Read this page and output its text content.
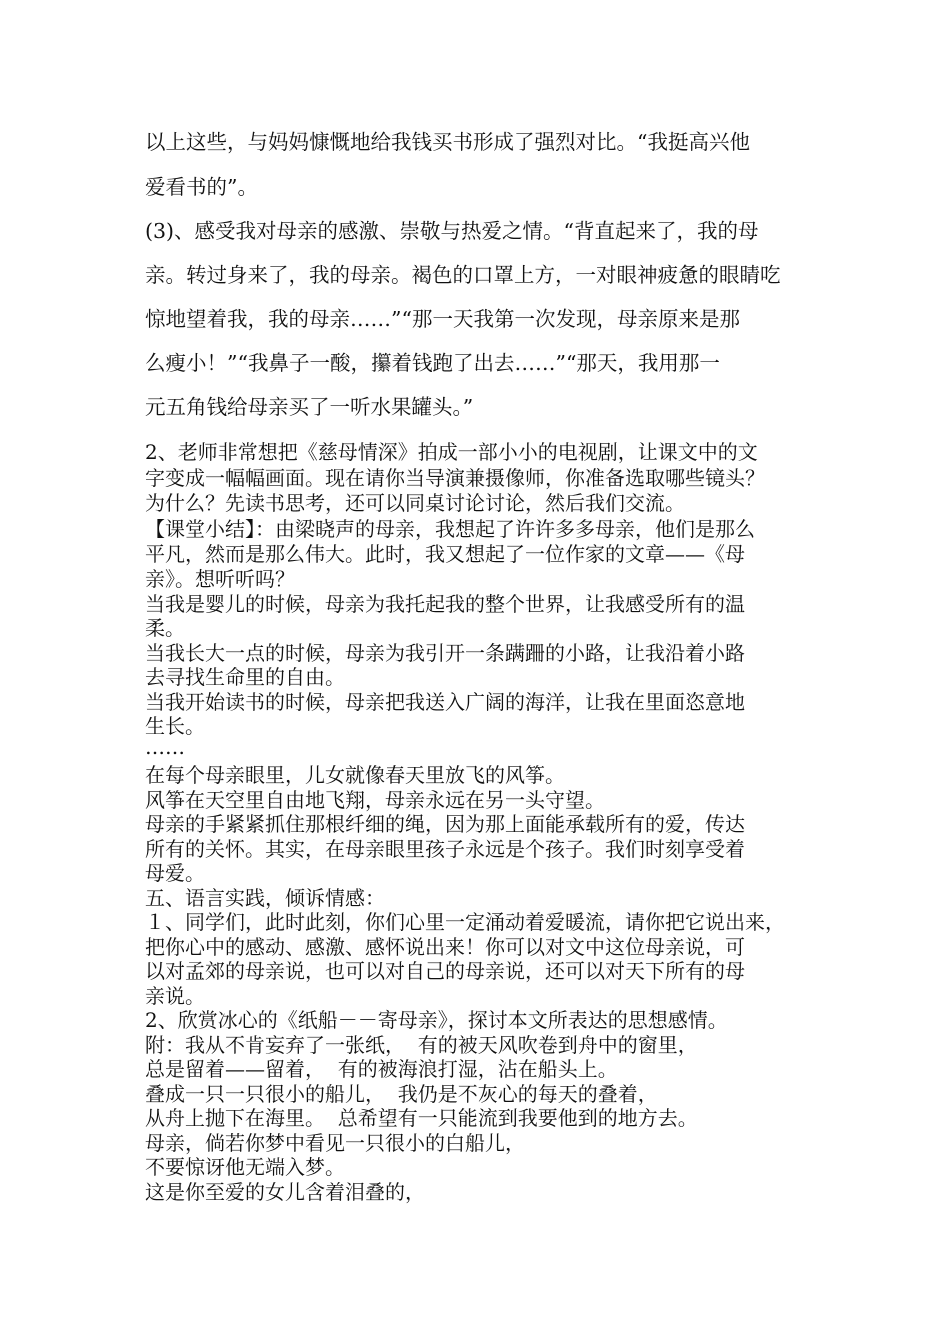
以上这些，与妈妈慷慨地给我钱买书形成了强烈对比。“我挺高兴他
爱看书的”。
(3)、感受我对母亲的感激、崇敬与热爱之情。“背直起来了，我的母
亲。转过身来了，我的母亲。褐色的口罩上方，一对眼神疲惫的眼睛吃
惊地望着我，我的母亲……”“那一天我第一次发现，母亲原来是那
么瘦小！”“我鼻子一酸，攥着钱跑了出去……”“那天，我用那一
元五角钱给母亲买了一听水果罐头。”
2、老师非常想把《慈母情深》拍成一部小小的电视剧，让课文中的文
字变成一幅幅画面。现在请你当导演兼摄像师，你准备选取哪些镜头？
为什么？先读书思考，还可以同桌讨论讨论，然后我们交流。
【课堂小结】：由梁晓声的母亲，我想起了许许多多母亲，他们是那么
平凡，然而是那么伟大。此时，我又想起了一位作家的文章——《母
亲》。想听听吗？
当我是婴儿的时候，母亲为我托起我的整个世界，让我感受所有的温
柔。
当我长大一点的时候，母亲为我引开一条蹒跚的小路，让我沿着小路
去寻找生命里的自由。
当我开始读书的时候，母亲把我送入广阔的海洋，让我在里面恣意地
生长。
……
在每个母亲眼里，儿女就像春天里放飞的风筝。
风筝在天空里自由地飞翔，母亲永远在另一头守望。
母亲的手紧紧抓住那根纤细的绳，因为那上面能承载所有的爱，传达
所有的关怀。其实，在母亲眼里孩子永远是个孩子。我们时刻享受着
母爱。
五、语言实践，倾诉情感：
１、同学们，此时此刻，你们心里一定涌动着爱暖流，请你把它说出来，
把你心中的感动、感激、感怀说出来！你可以对文中这位母亲说，可
以对孟郊的母亲说，也可以对自己的母亲说，还可以对天下所有的母
亲说。
2、欣赏冰心的《纸船－－寄母亲》，探讨本文所表达的思想感情。
附：我从不肯妄弃了一张纸，  有的被天风吹卷到舟中的窗里，
总是留着——留着，  有的被海浪打湿，沾在船头上。
叠成一只一只很小的船儿，  我仍是不灰心的每天的叠着，
从舟上抛下在海里。  总希望有一只能流到我要他到的地方去。
母亲，倘若你梦中看见一只很小的白船儿，
不要惊讶他无端入梦。
这是你至爱的女儿含着泪叠的，
